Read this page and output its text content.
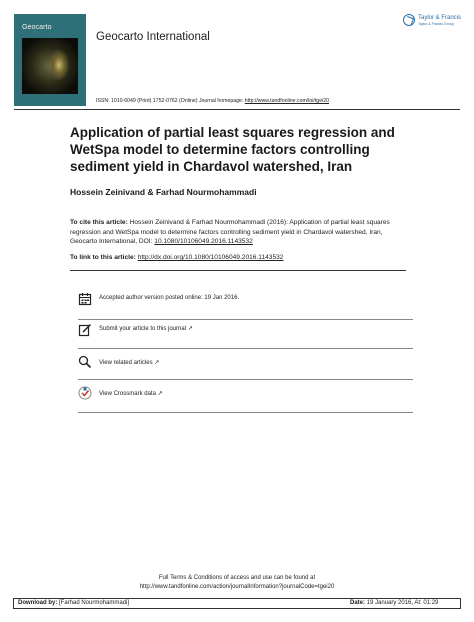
Geocarto
Geocarto International
ISSN: 1010-6049 (Print) 1752-0762 (Online) Journal homepage: http://www.tandfonline.com/loi/tgei20
Taylor & Francis
Taylor & Francis Group
Application of partial least squares regression and WetSpa model to determine factors controlling sediment yield in Chardavol watershed, Iran
Hossein Zeinivand & Farhad Nourmohammadi
To cite this article: Hossein Zeinivand & Farhad Nourmohammadi (2016): Application of partial least squares regression and WetSpa model to determine factors controlling sediment yield in Chardavol watershed, Iran, Geocarto International, DOI: 10.1080/10106049.2016.1143532
To link to this article: http://dx.doi.org/10.1080/10106049.2016.1143532
Accepted author version posted online: 19 Jan 2016.
Submit your article to this journal ↗
View related articles ↗
View Crossmark data ↗
Full Terms & Conditions of access and use can be found at
http://www.tandfonline.com/action/journalInformation?journalCode=tgei20
Download by: [Farhad Nourmohammadi]	Date: 19 January 2016, At: 01:29
